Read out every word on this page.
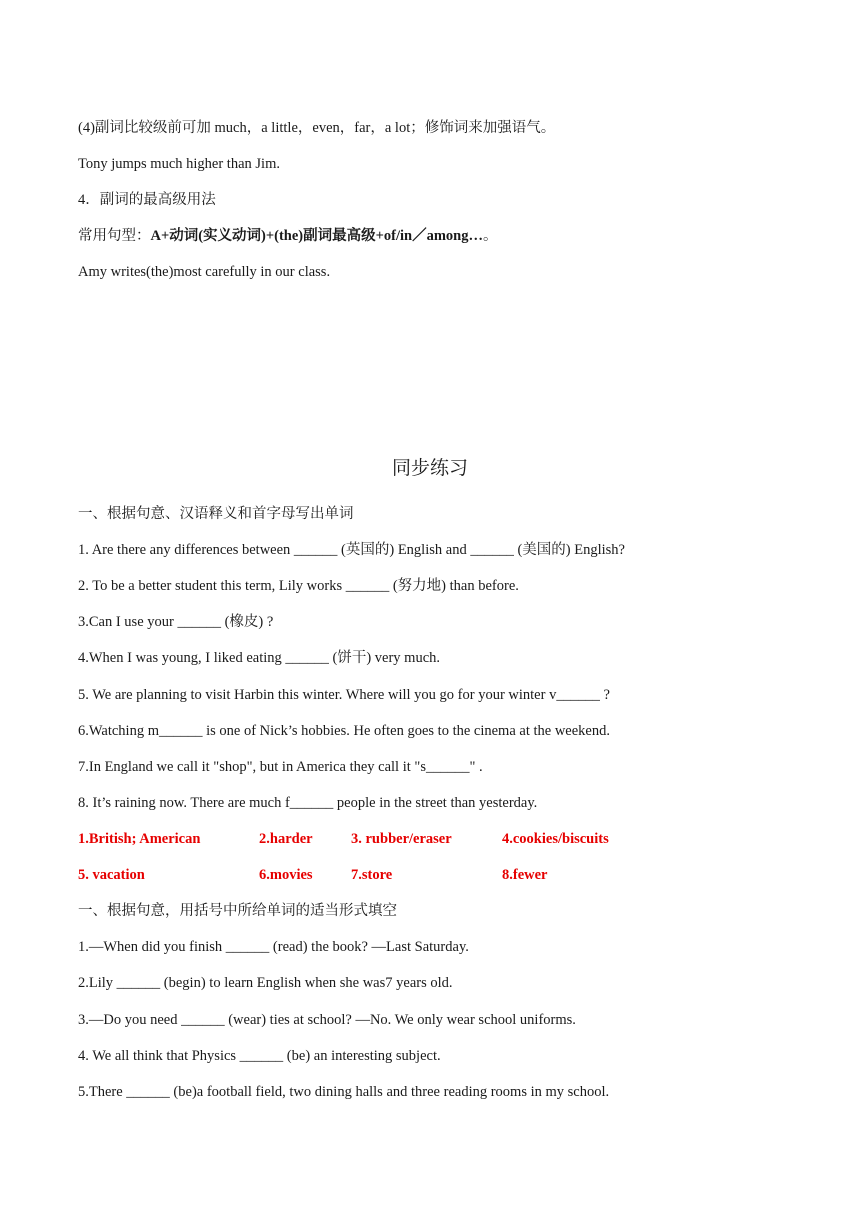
(4)副词比较级前可加 much，a little，even，far，a lot；修饰词来加强语气。
Tony jumps much higher than Jim.
4．副词的最高级用法
常用句型：A+动词(实义动词)+(the)副词最高级+of/in／among…。
Amy writes(the)most carefully in our class.
同步练习
一、根据句意、汉语释义和首字母写出单词
1. Are there any differences between ______ (英国的) English and ______ (美国的) English?
2. To be a better student this term, Lily works ______ (努力地) than before.
3.Can I use your ______ (橡皮) ?
4.When I was young, I liked eating ______ (饼干) very much.
5. We are planning to visit Harbin this winter. Where will you go for your winter v______ ?
6.Watching m______ is one of Nick’s hobbies. He often goes to the cinema at the weekend.
7.In England we call it "shop", but in America they call it "s______" .
8. It’s raining now. There are much f______ people in the street than yesterday.
1.British; American	2.harder	3. rubber/eraser	4.cookies/biscuits
5. vacation	6.movies	7.store	8.fewer
一、根据句意，用括号中所给单词的适当形式填空
1.—When did you finish ______ (read) the book? —Last Saturday.
2.Lily ______ (begin) to learn English when she was7 years old.
3.—Do you need ______ (wear) ties at school? —No. We only wear school uniforms.
4. We all think that Physics ______ (be) an interesting subject.
5.There ______ (be)a football field, two dining halls and three reading rooms in my school.
